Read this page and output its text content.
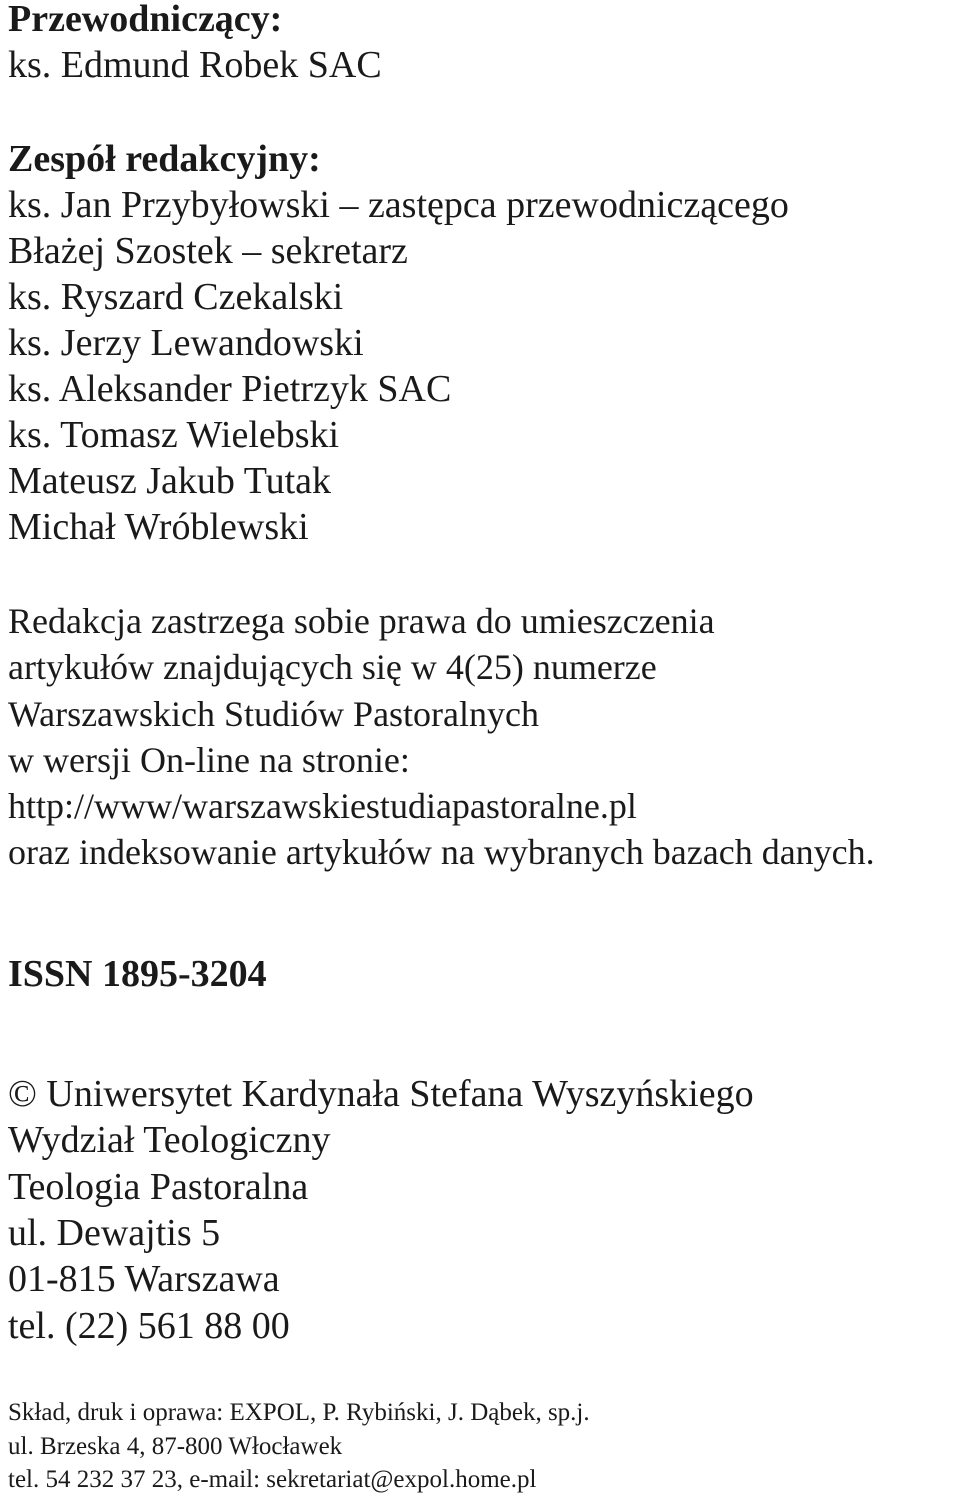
Przewodniczący:

ks. Edmund Robek SAC

Zespół redakcyjny:

ks. Jan Przybyłowski – zastępca przewodniczącego

Błażej Szostek – sekretarz

ks. Ryszard Czekalski

ks. Jerzy Lewandowski

ks. Aleksander Pietrzyk SAC

ks. Tomasz Wielebski

Mateusz Jakub Tutak

Michał Wróblewski

Redakcja zastrzega sobie prawa do umieszczenia

artykułów znajdujących się w 4(25) numerze

Warszawskich Studiów Pastoralnych

w wersji On-line na stronie:

http://www/warszawskiestudiapastoralne.pl

oraz indeksowanie artykułów na wybranych bazach danych.

ISSN 1895-3204

© Uniwersytet Kardynała Stefana Wyszyńskiego

Wydział Teologiczny

Teologia Pastoralna

ul. Dewajtis 5

01-815 Warszawa

tel. (22) 561 88 00

Skład, druk i oprawa: EXPOL, P. Rybiński, J. Dąbek, sp.j.

ul. Brzeska 4, 87-800 Włocławek

tel. 54 232 37 23, e-mail: sekretariat@expol.home.pl
